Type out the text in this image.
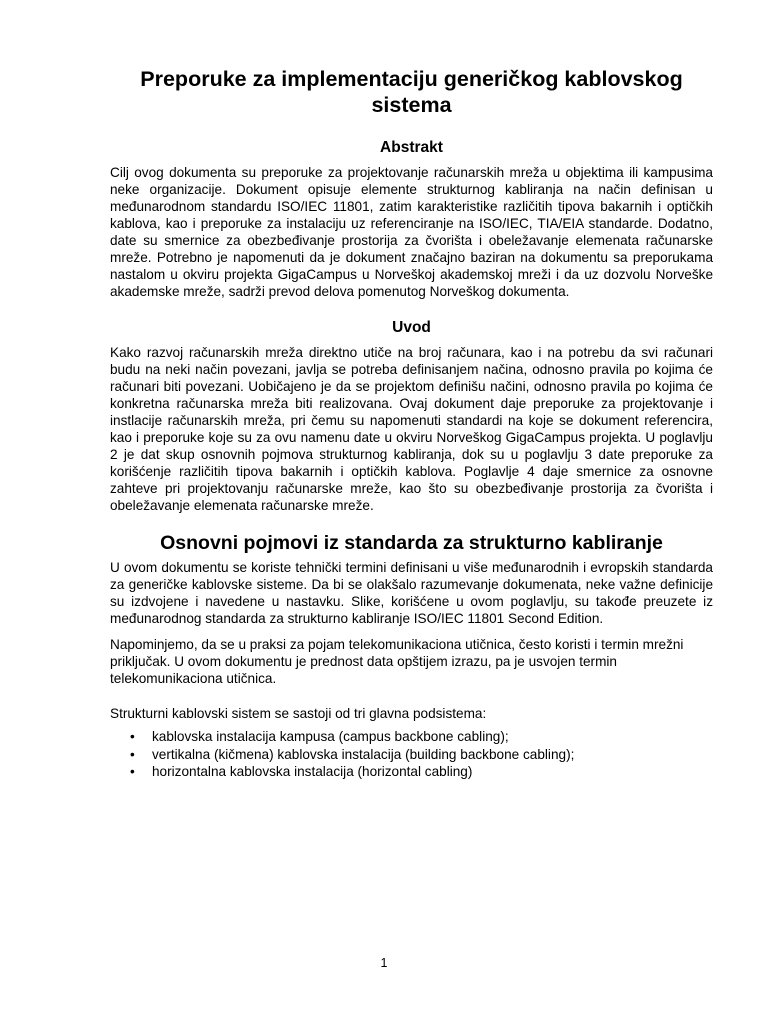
Preporuke za implementaciju generičkog kablovskog sistema
Abstrakt

Cilj ovog dokumenta su preporuke za projektovanje računarskih mreža u objektima ili kampusima neke organizacije. Dokument opisuje elemente strukturnog kabliranja na način definisan u međunarodnom standardu ISO/IEC 11801, zatim karakteristike različitih tipova bakarnih i optičkih kablova, kao i preporuke za instalaciju uz referenciranje na ISO/IEC, TIA/EIA standarde. Dodatno, date su smernice za obezbeđivanje prostorija za čvorišta i obeležavanje elemenata računarske mreže. Potrebno je napomenuti da je dokument značajno baziran na dokumentu sa preporukama nastalom u okviru projekta GigaCampus u Norveškoj akademskoj mreži i da uz dozvolu Norveške akademske mreže, sadrži prevod delova pomenutog Norveškog dokumenta.

Uvod

Kako razvoj računarskih mreža direktno utiče na broj računara, kao i na potrebu da svi računari budu na neki način povezani, javlja se potreba definisanjem načina, odnosno pravila po kojima će računari biti povezani. Uobičajeno je da se projektom definišu načini, odnosno pravila po kojima će konkretna računarska mreža biti realizovana. Ovaj dokument daje preporuke za projektovanje i instlacije računarskih mreža, pri čemu su napomenuti standardi na koje se dokument referencira, kao i preporuke koje su za ovu namenu date u okviru Norveškog GigaCampus projekta. U poglavlju 2 je dat skup osnovnih pojmova strukturnog kabliranja, dok su u poglavlju 3 date preporuke za korišćenje različitih tipova bakarnih i optičkih kablova. Poglavlje 4 daje smernice za osnovne zahteve pri projektovanju računarske mreže, kao što su obezbeđivanje prostorija za čvorišta i obeležavanje elemenata računarske mreže.

Osnovni pojmovi iz standarda za strukturno kabliranje

U ovom dokumentu se koriste tehnički termini definisani u više međunarodnih i evropskih standarda za generičke kablovske sisteme. Da bi se olakšalo razumevanje dokumenata, neke važne definicije su izdvojene i navedene u nastavku. Slike, korišćene u ovom poglavlju, su takođe preuzete iz međunarodnog standarda za strukturno kabliranje ISO/IEC 11801 Second Edition.

Napominjemo, da se u praksi za pojam telekomunikaciona utičnica, često koristi i termin mrežni priključak. U ovom dokumentu je prednost data opštijem izrazu, pa je usvojen termin telekomunikaciona utičnica.

Strukturni kablovski sistem se sastoji od tri glavna podsistema:

• kablovska instalacija kampusa (campus backbone cabling);
• vertikalna (kičmena) kablovska instalacija (building backbone cabling);
• horizontalna kablovska instalacija (horizontal cabling)
1
